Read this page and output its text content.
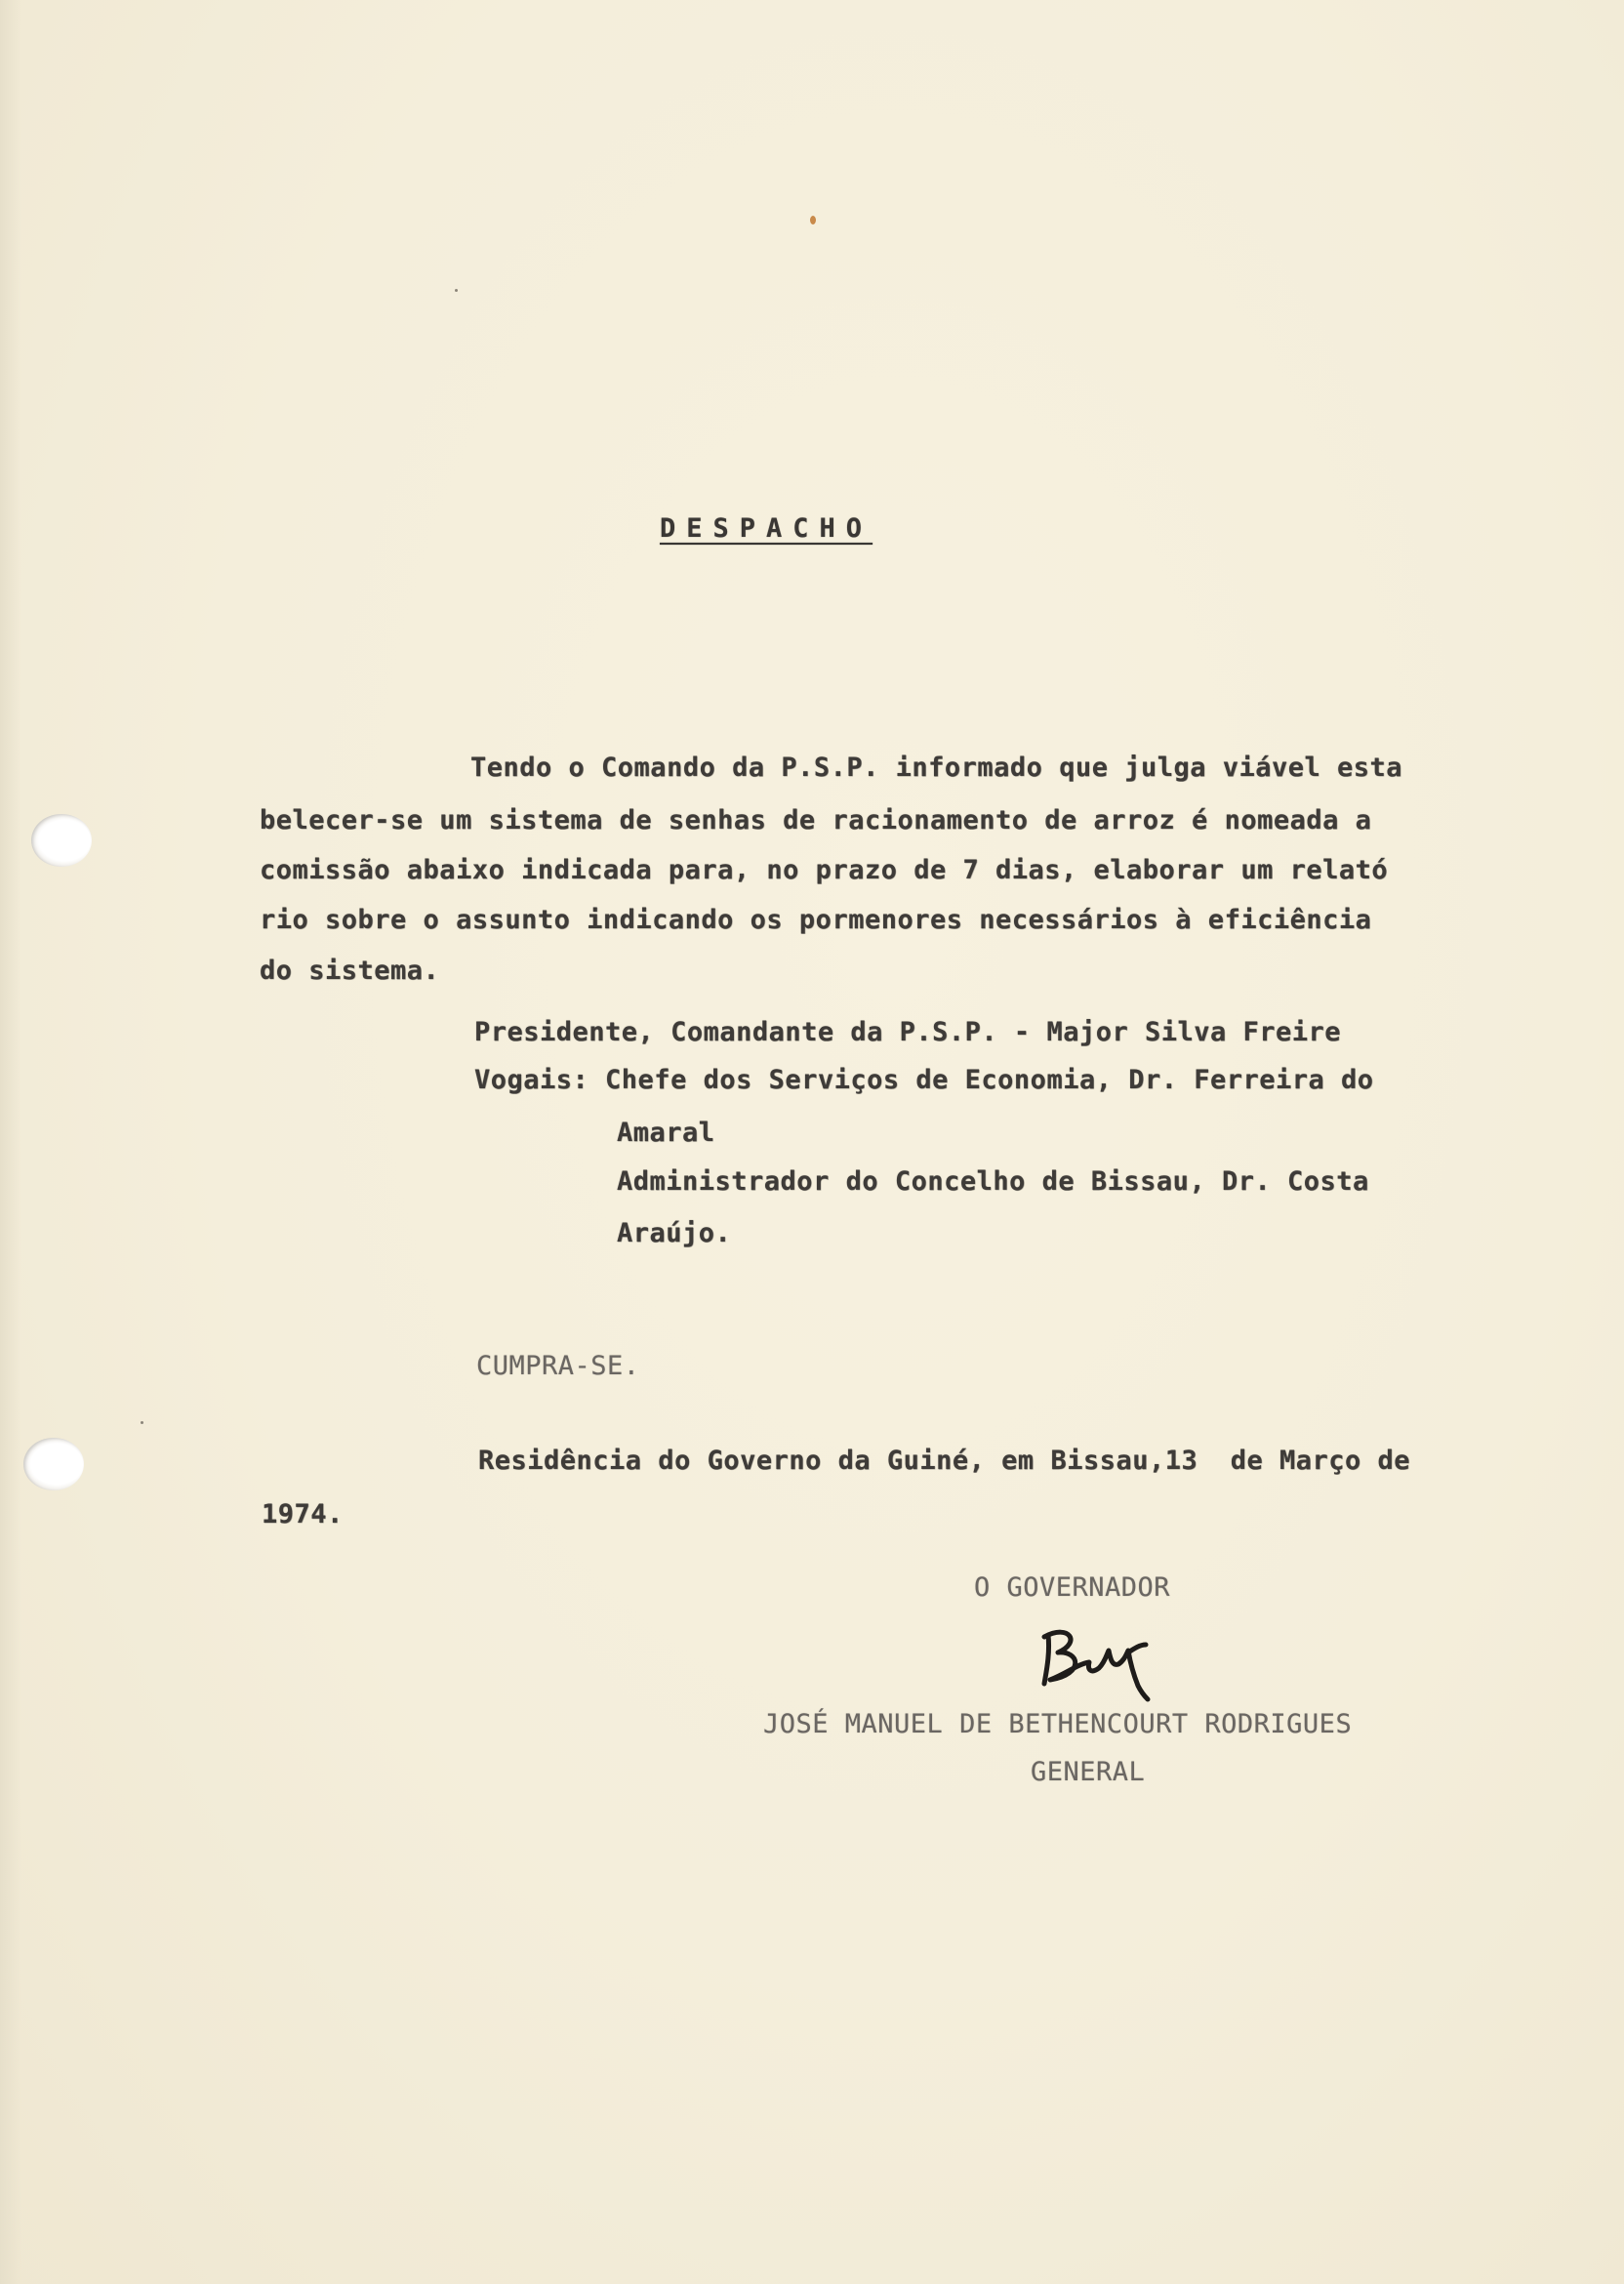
DESPACHO
Tendo o Comando da P.S.P. informado que julga viável esta
belecer-se um sistema de senhas de racionamento de arroz é nomeada a
comissão abaixo indicada para, no prazo de 7 dias, elaborar um relató
rio sobre o assunto indicando os pormenores necessários à eficiência
do sistema.
Presidente, Comandante da P.S.P. - Major Silva Freire
Vogais: Chefe dos Serviços de Economia, Dr. Ferreira do
Amaral
Administrador do Concelho de Bissau, Dr. Costa
Araújo.
CUMPRA-SE.
Residência do Governo da Guiné, em Bissau,13  de Março de
1974.
O GOVERNADOR
JOSÉ MANUEL DE BETHENCOURT RODRIGUES
GENERAL
